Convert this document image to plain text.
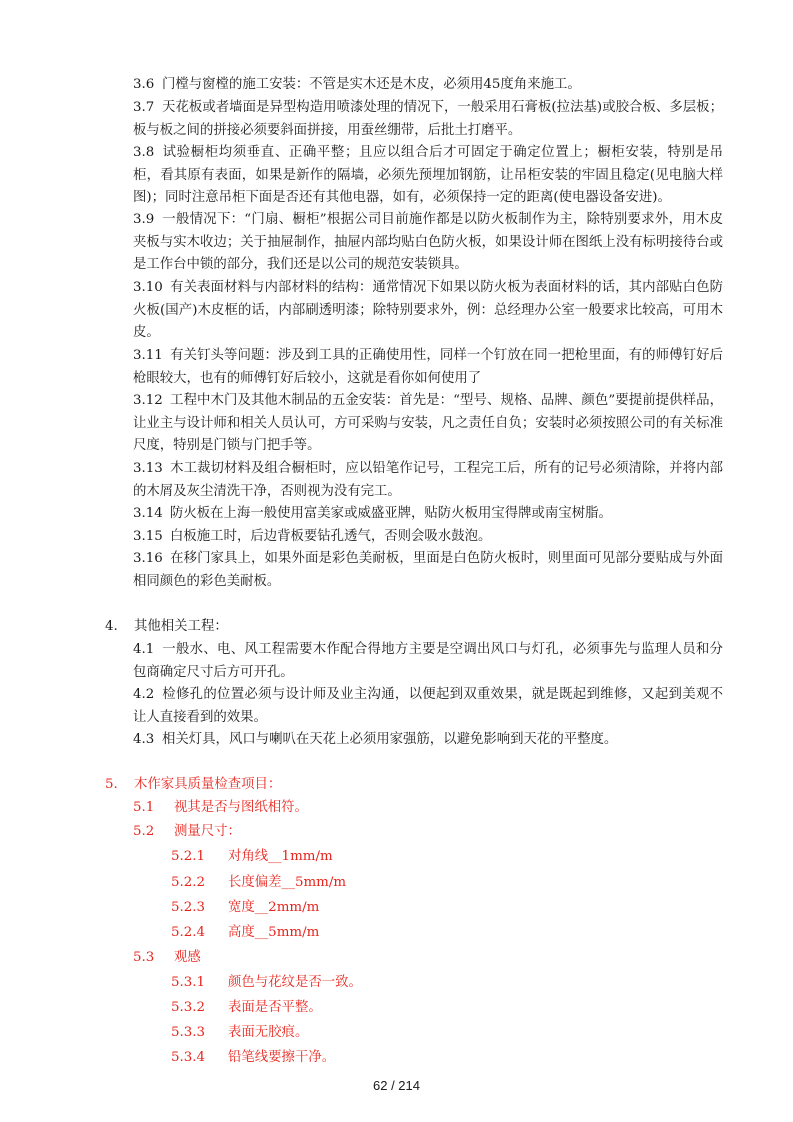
3.6 门樘与窗樘的施工安装：不管是实木还是木皮，必须用45度角来施工。

3.7 天花板或者墙面是异型构造用喷漆处理的情况下，一般采用石膏板(拉法基)或胶合板、多层板；板与板之间的拼接必须要斜面拼接，用蚕丝绷带，后批土打磨平。

3.8 试验橱柜均须垂直、正确平整；且应以组合后才可固定于确定位置上；橱柜安装，特别是吊柜，看其原有表面，如果是新作的隔墙，必须先预埋加钢筋，让吊柜安装的牢固且稳定(见电脑大样图)；同时注意吊柜下面是否还有其他电器，如有，必须保持一定的距离(使电器设备安进)。

3.9 一般情况下：“门扇、橱柜”根据公司目前施作都是以防火板制作为主，除特别要求外，用木皮夹板与实木收边；关于抽屉制作，抽屉内部均贴白色防火板，如果设计师在图纸上没有标明接待台或是工作台中锁的部分，我们还是以公司的规范安装锁具。

3.10 有关表面材料与内部材料的结构：通常情况下如果以防火板为表面材料的话，其内部贴白色防火板(国产)木皮框的话，内部刷透明漆；除特别要求外，例：总经理办公室一般要求比较高，可用木皮。

3.11 有关钉头等问题：涉及到工具的正确使用性，同样一个钉放在同一把枪里面，有的师傅钉好后枪眼较大，也有的师傅钉好后较小，这就是看你如何使用了

3.12 工程中木门及其他木制品的五金安装：首先是：“型号、规格、品牌、颜色”要提前提供样品，让业主与设计师和相关人员认可，方可采购与安装，凡之责任自负；安装时必须按照公司的有关标准尺度，特别是门锁与门把手等。

3.13 木工裁切材料及组合橱柜时，应以铅笔作记号，工程完工后，所有的记号必须清除，并将内部的木屑及灰尘清洗干净，否则视为没有完工。

3.14 防火板在上海一般使用富美家或威盛亚牌，贴防火板用宝得牌或南宝树脂。

3.15 白板施工时，后边背板要钻孔透气，否则会吸水鼓泡。

3.16 在移门家具上，如果外面是彩色美耐板，里面是白色防火板时，则里面可见部分要贴成与外面相同颜色的彩色美耐板。

4. 其他相关工程：

4.1 一般水、电、风工程需要木作配合得地方主要是空调出风口与灯孔，必须事先与监理人员和分包商确定尺寸后方可开孔。

4.2 检修孔的位置必须与设计师及业主沟通，以便起到双重效果，就是既起到维修，又起到美观不让人直接看到的效果。

4.3 相关灯具，风口与喇叭在天花上必须用家强筋，以避免影响到天花的平整度。

5. 木作家具质量检查项目：

5.1 视其是否与图纸相符。

5.2 测量尺寸：

5.2.1 对角线__1mm/m

5.2.2 长度偏差__5mm/m

5.2.3 宽度__2mm/m

5.2.4 高度__5mm/m

5.3 观感

5.3.1 颜色与花纹是否一致。

5.3.2 表面是否平整。

5.3.3 表面无胶痕。

5.3.4 铅笔线要擦干净。

62 / 214
